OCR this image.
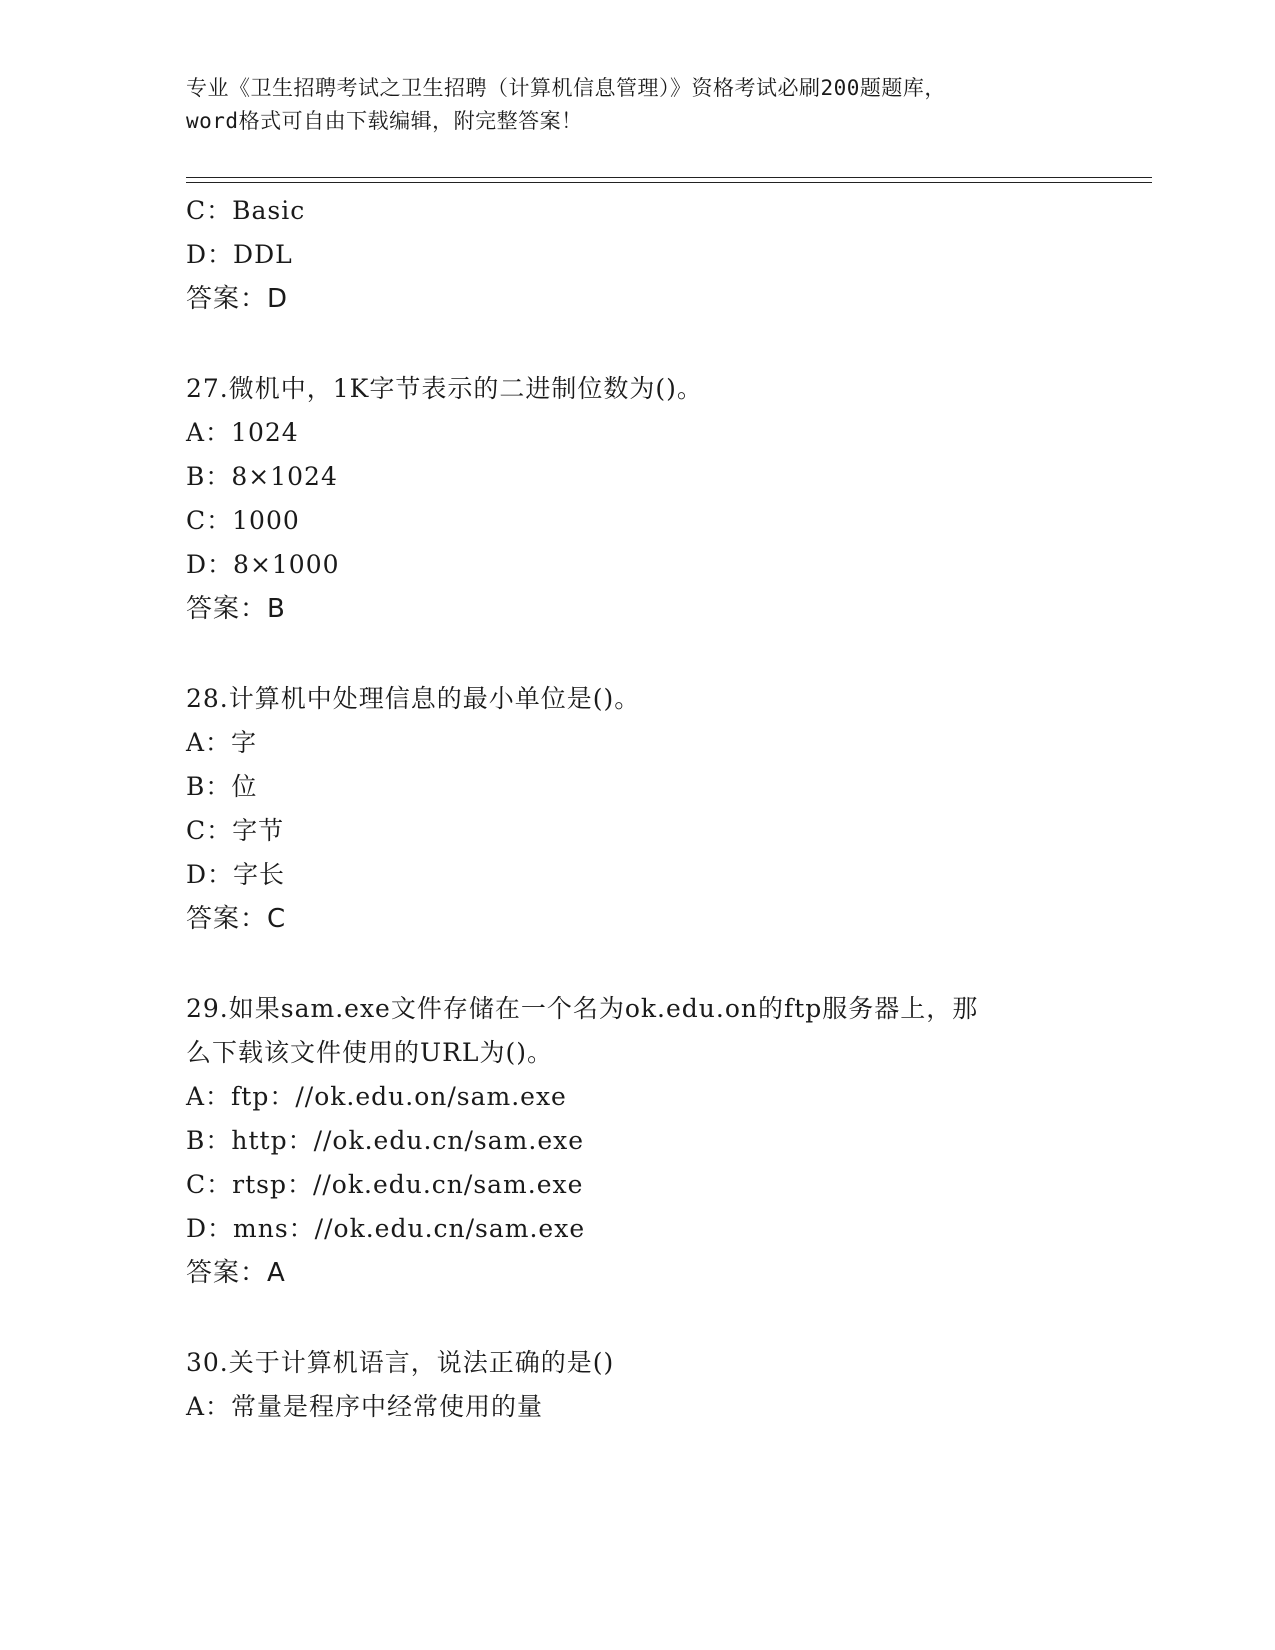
专业《卫生招聘考试之卫生招聘（计算机信息管理）》资格考试必刷200题题库，
word格式可自由下载编辑，附完整答案！
C：Basic
D：DDL
答案：D
27.微机中，1K字节表示的二进制位数为()。
A：1024
B：8×1024
C：1000
D：8×1000
答案：B
28.计算机中处理信息的最小单位是()。
A：字
B：位
C：字节
D：字长
答案：C
29.如果sam.exe文件存储在一个名为ok.edu.on的ftp服务器上，那
么下载该文件使用的URL为()。
A：ftp：//ok.edu.on/sam.exe
B：http：//ok.edu.cn/sam.exe
C：rtsp：//ok.edu.cn/sam.exe
D：mns：//ok.edu.cn/sam.exe
答案：A
30.关于计算机语言，说法正确的是()
A：常量是程序中经常使用的量
